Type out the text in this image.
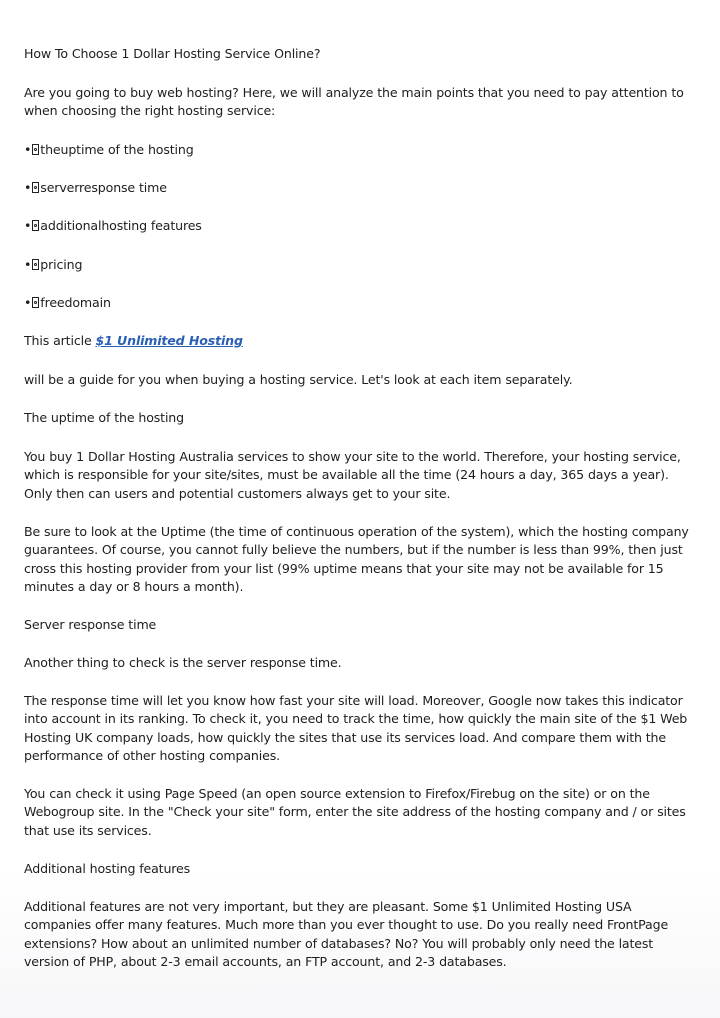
How To Choose 1 Dollar Hosting Service Online?

Are you going to buy web hosting? Here, we will analyze the main points that you need to pay attention to when choosing the right hosting service:

• theuptime of the hosting

• serverresponse time

• additionalhosting features

• pricing

• freedomain

This article $1 Unlimited Hosting

will be a guide for you when buying a hosting service. Let's look at each item separately.

The uptime of the hosting

You buy 1 Dollar Hosting Australia services to show your site to the world. Therefore, your hosting service, which is responsible for your site/sites, must be available all the time (24 hours a day, 365 days a year). Only then can users and potential customers always get to your site.

Be sure to look at the Uptime (the time of continuous operation of the system), which the hosting company guarantees. Of course, you cannot fully believe the numbers, but if the number is less than 99%, then just cross this hosting provider from your list (99% uptime means that your site may not be available for 15 minutes a day or 8 hours a month).

Server response time

Another thing to check is the server response time.

The response time will let you know how fast your site will load. Moreover, Google now takes this indicator into account in its ranking. To check it, you need to track the time, how quickly the main site of the $1 Web Hosting UK company loads, how quickly the sites that use its services load. And compare them with the performance of other hosting companies.

You can check it using Page Speed (an open source extension to Firefox/Firebug on the site) or on the Webogroup site. In the "Check your site" form, enter the site address of the hosting company and / or sites that use its services.

Additional hosting features

Additional features are not very important, but they are pleasant. Some $1 Unlimited Hosting USA companies offer many features. Much more than you ever thought to use. Do you really need FrontPage extensions? How about an unlimited number of databases? No? You will probably only need the latest version of PHP, about 2-3 email accounts, an FTP account, and 2-3 databases.
